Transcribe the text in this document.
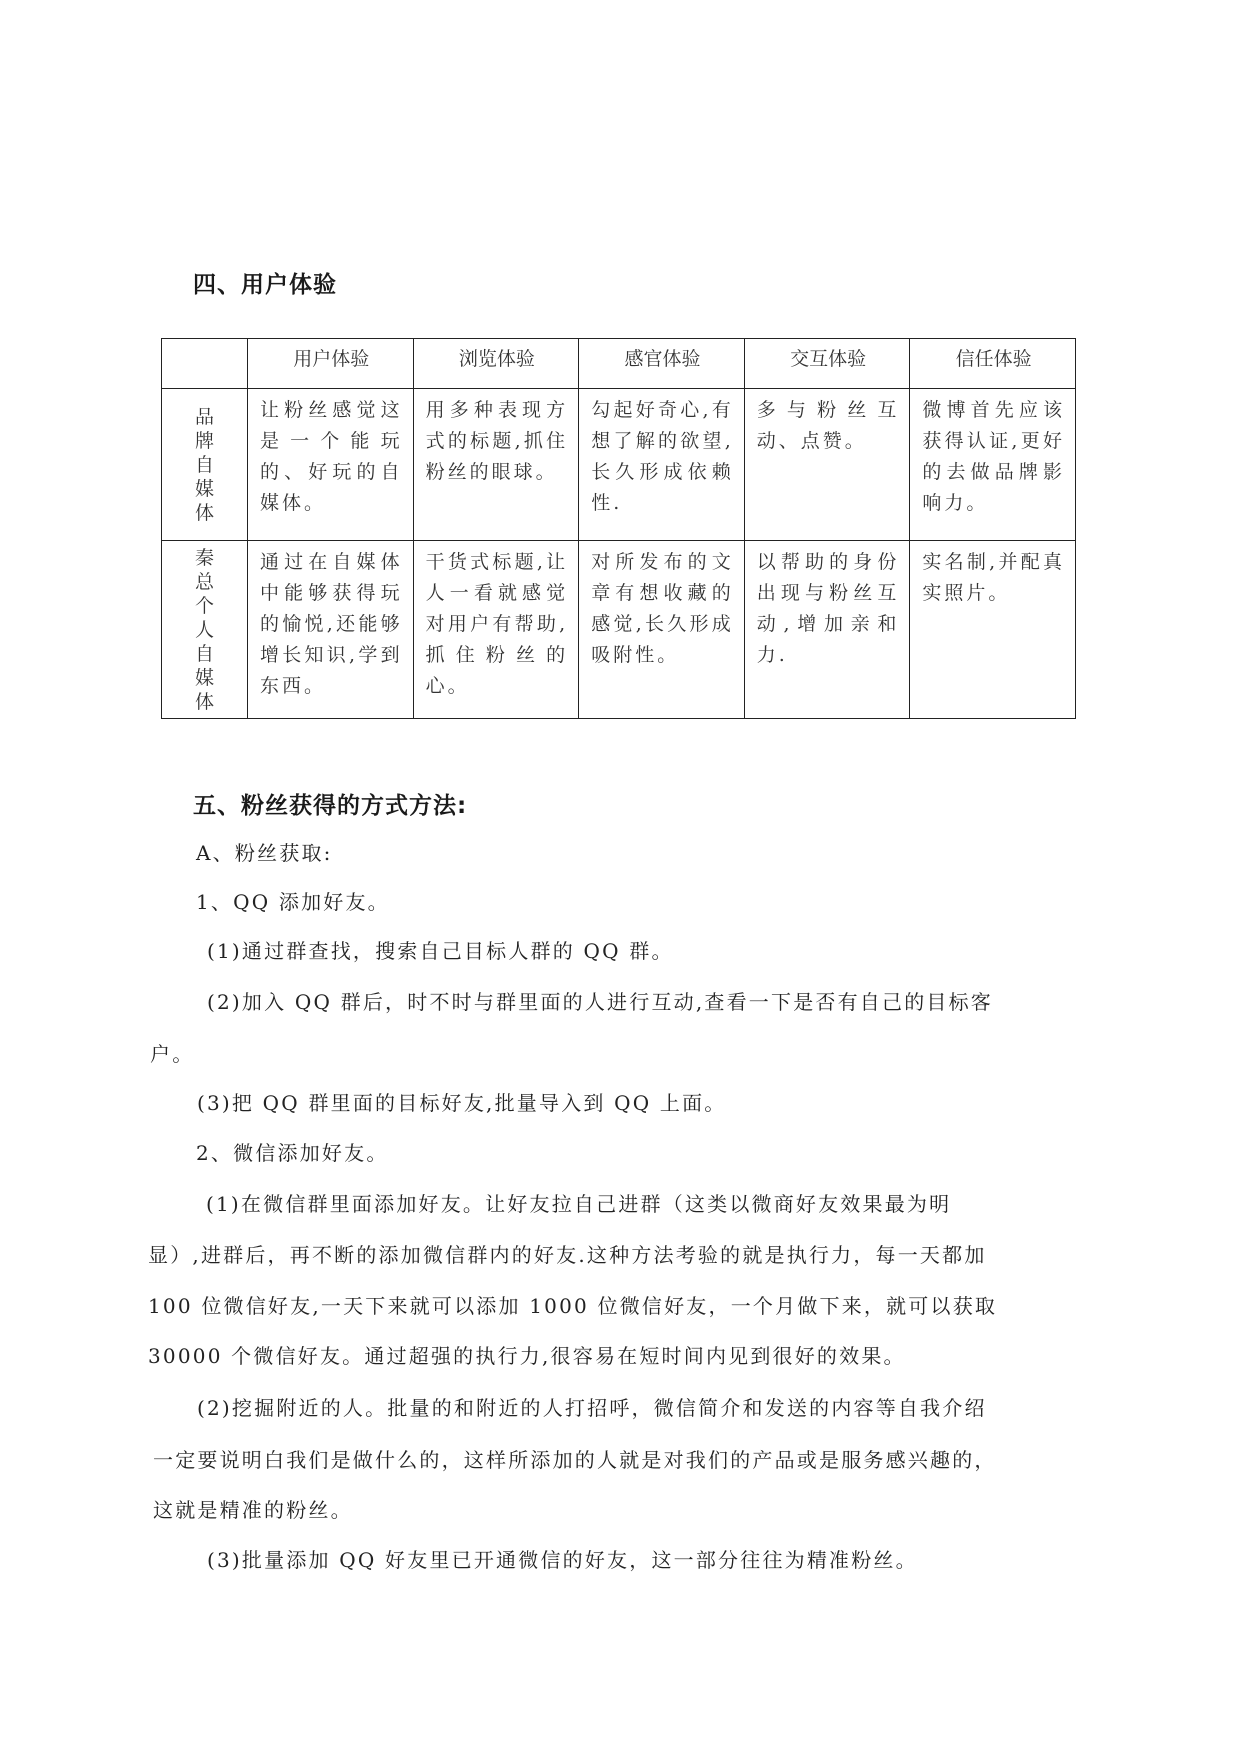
四、用户体验
	用户体验	浏览体验	感官体验	交互体验	信任体验
品牌自媒体	让粉丝感觉这是一个能玩的、好玩的自媒体。	用多种表现方式的标题,抓住粉丝的眼球。	勾起好奇心,有想了解的欲望,长久形成依赖性.	多与粉丝互动、点赞。	微博首先应该获得认证,更好的去做品牌影响力。
秦总个人自媒体	通过在自媒体中能够获得玩的愉悦,还能够增长知识,学到东西。	干货式标题,让人一看就感觉对用户有帮助,抓住粉丝的心。	对所发布的文章有想收藏的感觉,长久形成吸附性。	以帮助的身份出现与粉丝互动,增加亲和力.	实名制,并配真实照片。
五、粉丝获得的方式方法:
A、粉丝获取:
1、QQ 添加好友。
(1)通过群查找，搜索自己目标人群的 QQ 群。
(2)加入 QQ 群后，时不时与群里面的人进行互动,查看一下是否有自己的目标客
户。
(3)把 QQ 群里面的目标好友,批量导入到 QQ 上面。
2、微信添加好友。
(1)在微信群里面添加好友。让好友拉自己进群（这类以微商好友效果最为明
显）,进群后，再不断的添加微信群内的好友.这种方法考验的就是执行力，每一天都加
100 位微信好友,一天下来就可以添加 1000 位微信好友，一个月做下来，就可以获取
30000 个微信好友。通过超强的执行力,很容易在短时间内见到很好的效果。
(2)挖掘附近的人。批量的和附近的人打招呼，微信简介和发送的内容等自我介绍
一定要说明白我们是做什么的，这样所添加的人就是对我们的产品或是服务感兴趣的，
这就是精准的粉丝。
(3)批量添加 QQ 好友里已开通微信的好友，这一部分往往为精准粉丝。
